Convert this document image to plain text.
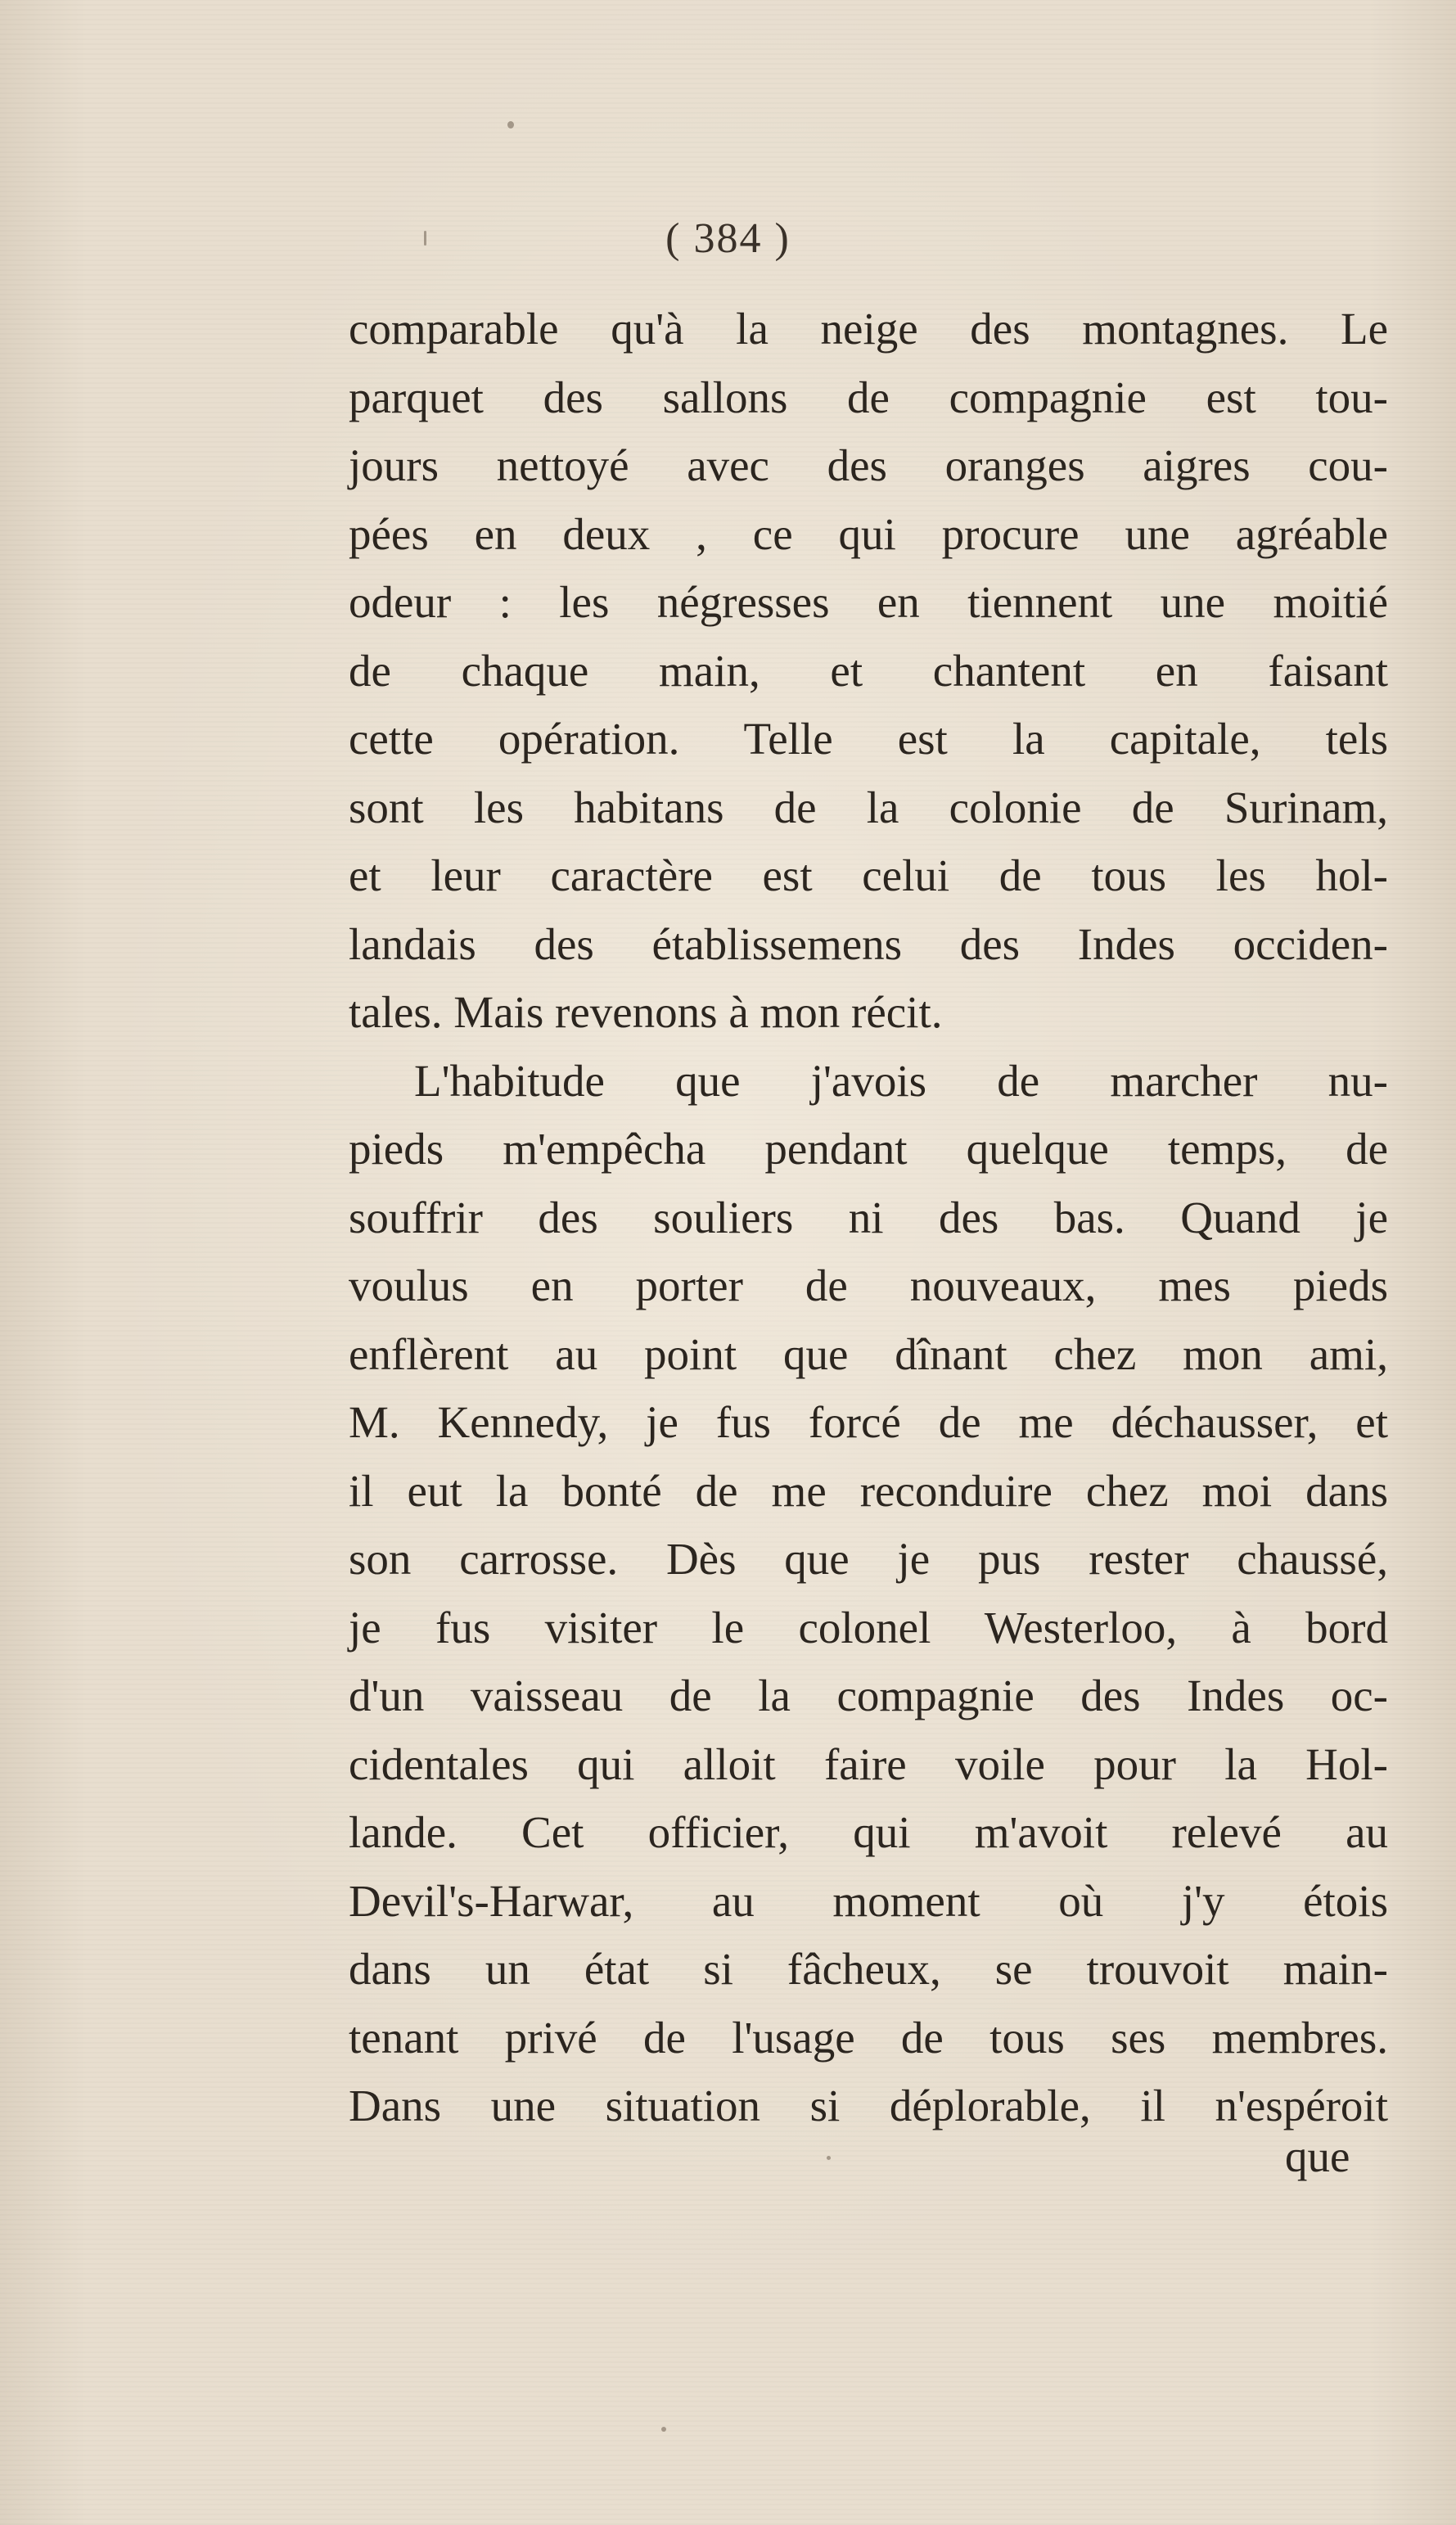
( 384 )
comparable qu'à la neige des montagnes. Le
parquet des sallons de compagnie est tou-
jours nettoyé avec des oranges aigres cou-
pées en deux , ce qui procure une agréable
odeur : les négresses en tiennent une moitié
de chaque main, et chantent en faisant
cette opération. Telle est la capitale, tels
sont les habitans de la colonie de Surinam,
et leur caractère est celui de tous les hol-
landais des établissemens des Indes occiden-
tales. Mais revenons à mon récit.
L'habitude que j'avois de marcher nu-
pieds m'empêcha pendant quelque temps, de
souffrir des souliers ni des bas. Quand je
voulus en porter de nouveaux, mes pieds
enflèrent au point que dînant chez mon ami,
M. Kennedy, je fus forcé de me déchausser, et
il eut la bonté de me reconduire chez moi dans
son carrosse. Dès que je pus rester chaussé,
je fus visiter le colonel Westerloo, à bord
d'un vaisseau de la compagnie des Indes oc-
cidentales qui alloit faire voile pour la Hol-
lande. Cet officier, qui m'avoit relevé au
Devil's-Harwar, au moment où j'y étois
dans un état si fâcheux, se trouvoit main-
tenant privé de l'usage de tous ses membres.
Dans une situation si déplorable, il n'espéroit
que
